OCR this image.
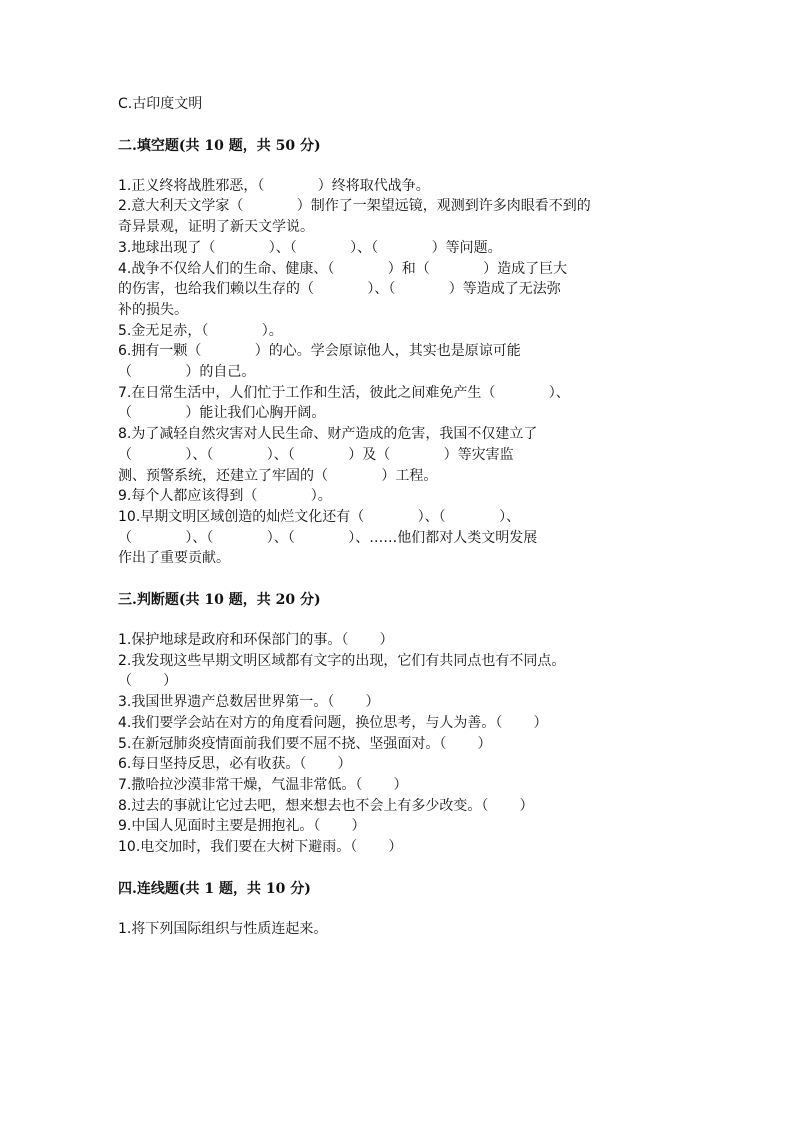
C.古印度文明

二.填空题(共 10 题，共 50 分)

1.正义终将战胜邪恶，（            ）终将取代战争。

2.意大利天文学家（            ）制作了一架望远镜，观测到许多肉眼看不到的

奇异景观，证明了新天文学说。

3.地球出现了（            ）、（            ）、（            ）等问题。

4.战争不仅给人们的生命、健康、（            ）和（            ）造成了巨大

的伤害，也给我们赖以生存的（            ）、（            ）等造成了无法弥

补的损失。

5.金无足赤，（            ）。

6.拥有一颗（            ）的心。学会原谅他人，其实也是原谅可能

（            ）的自己。

7.在日常生活中，人们忙于工作和生活，彼此之间难免产生（            ）、

（            ）能让我们心胸开阔。

8.为了减轻自然灾害对人民生命、财产造成的危害，我国不仅建立了

（            ）、（            ）、（            ）及（            ）等灾害监

测、预警系统，还建立了牢固的（            ）工程。

9.每个人都应该得到（            ）。

10.早期文明区域创造的灿烂文化还有（            ）、（            ）、

（            ）、（            ）、（            ）、……他们都对人类文明发展

作出了重要贡献。

三.判断题(共 10 题，共 20 分)

1.保护地球是政府和环保部门的事。（       ）

2.我发现这些早期文明区域都有文字的出现，它们有共同点也有不同点。

（       ）

3.我国世界遗产总数居世界第一。（       ）

4.我们要学会站在对方的角度看问题，换位思考，与人为善。（       ）

5.在新冠肺炎疫情面前我们要不屈不挠、坚强面对。（       ）

6.每日坚持反思，必有收获。（       ）

7.撒哈拉沙漠非常干燥，气温非常低。（       ）

8.过去的事就让它过去吧，想来想去也不会上有多少改变。（       ）

9.中国人见面时主要是拥抱礼。（       ）

10.电交加时，我们要在大树下避雨。（       ）

四.连线题(共 1 题，共 10 分)

1.将下列国际组织与性质连起来。
